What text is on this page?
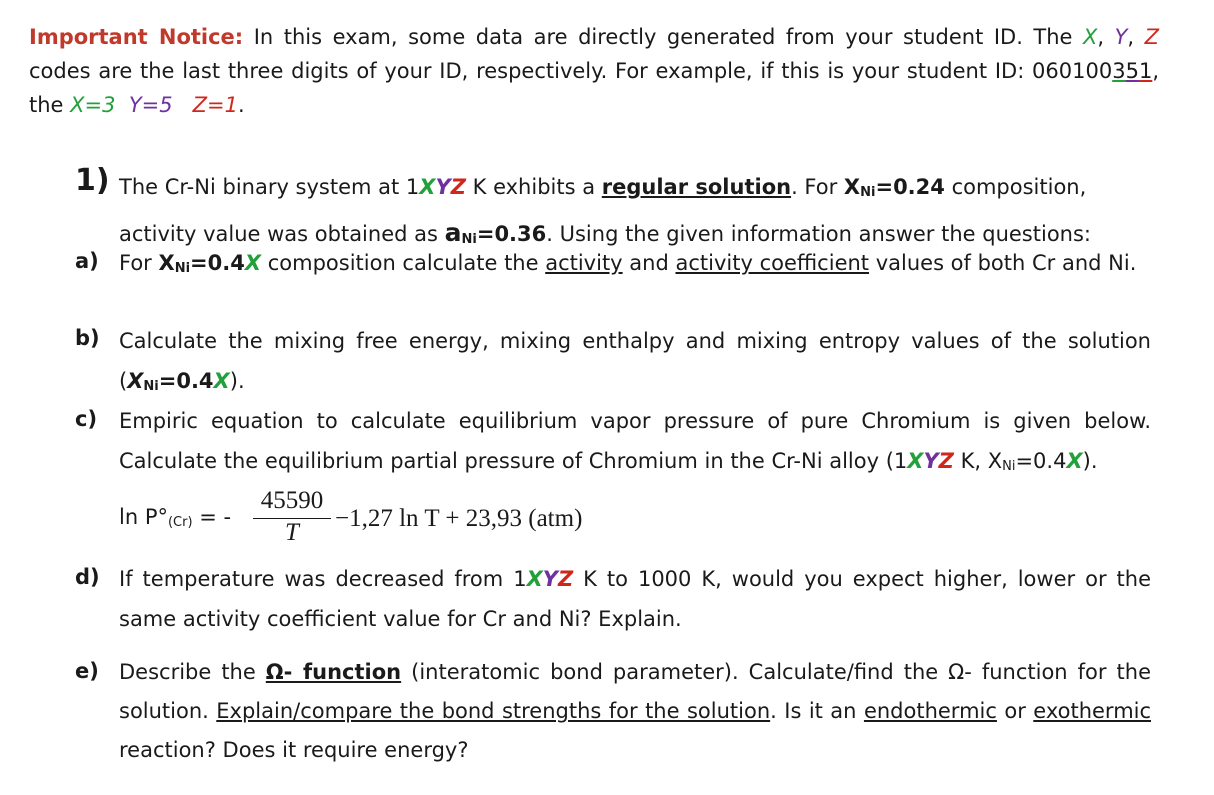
Important Notice: In this exam, some data are directly generated from your student ID. The X, Y, Z codes are the last three digits of your ID, respectively. For example, if this is your student ID: 060100351, the X=3 Y=5 Z=1.
1) The Cr-Ni binary system at 1XYZ K exhibits a regular solution. For XNi=0.24 composition,
activity value was obtained as aNi=0.36. Using the given information answer the questions:
a) For XNi=0.4X composition calculate the activity and activity coefficient values of both Cr and Ni.
b) Calculate the mixing free energy, mixing enthalpy and mixing entropy values of the solution (XNi=0.4X).
c) Empiric equation to calculate equilibrium vapor pressure of pure Chromium is given below. Calculate the equilibrium partial pressure of Chromium in the Cr-Ni alloy (1XYZ K, XNi=0.4X).
ln P°(Cr) = -
45590
T
−1,27 ln T + 23,93 (atm)
d) If temperature was decreased from 1XYZ K to 1000 K, would you expect higher, lower or the same activity coefficient value for Cr and Ni? Explain.
e) Describe the Ω- function (interatomic bond parameter). Calculate/find the Ω- function for the solution. Explain/compare the bond strengths for the solution. Is it an endothermic or exothermic reaction? Does it require energy?
